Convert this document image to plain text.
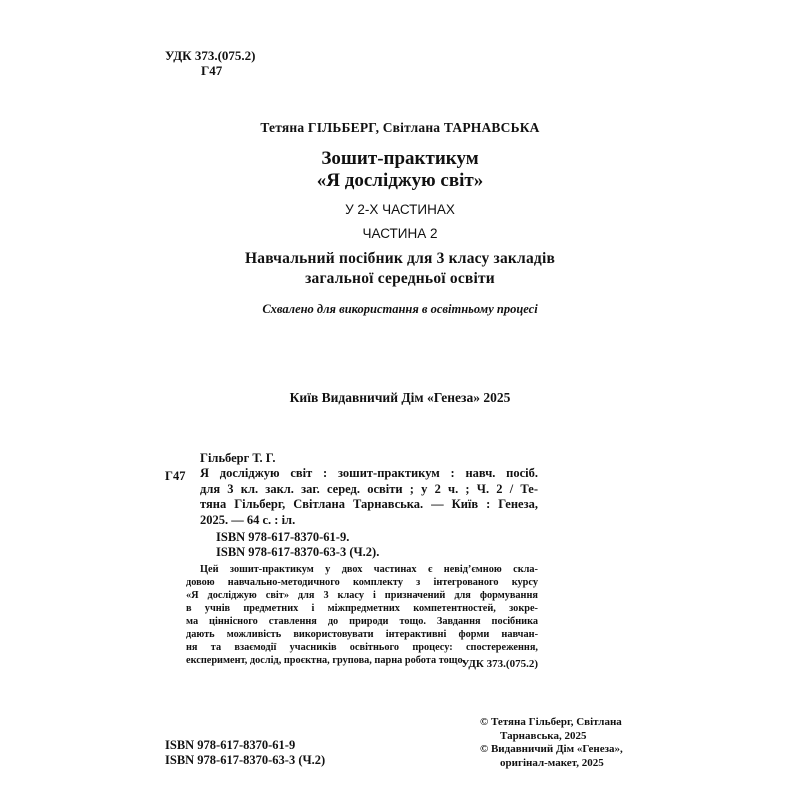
УДК 373.(075.2)
Г47
Тетяна ГІЛЬБЕРГ, Світлана ТАРНАВСЬКА
Зошит-практикум
«Я досліджую світ»
У 2-Х ЧАСТИНАХ
ЧАСТИНА 2
Навчальний посібник для 3 класу закладів
загальної середньої освіти
Схвалено для використання в освітньому процесі
Київ Видавничий Дім «Генеза» 2025
Гільберг Т. Г.
Г47 Я досліджую світ : зошит-практикум : навч. посіб.
для 3 кл. закл. заг. серед. освіти ; у 2 ч. ; Ч. 2 / Те-
тяна Гільберг, Світлана Тарнавська. — Київ : Генеза,
2025. — 64 с. : іл.
ISBN 978-617-8370-61-9.
ISBN 978-617-8370-63-3 (Ч.2).
Цей зошит-практикум у двох частинах є невід’ємною скла-
довою навчально-методичного комплекту з інтегрованого курсу
«Я досліджую світ» для 3 класу і призначений для формування
в учнів предметних і міжпредметних компетентностей, зокре-
ма ціннісного ставлення до природи тощо. Завдання посібника
дають можливість використовувати інтерактивні форми навчан-
ня та взаємодії учасників освітнього процесу: спостереження,
експеримент, дослід, проєктна, групова, парна робота тощо.
УДК 373.(075.2)
ISBN 978-617-8370-61-9
ISBN 978-617-8370-63-3 (Ч.2)
© Тетяна Гільберг, Світлана
Тарнавська, 2025
© Видавничий Дім «Генеза»,
оригінал-макет, 2025
